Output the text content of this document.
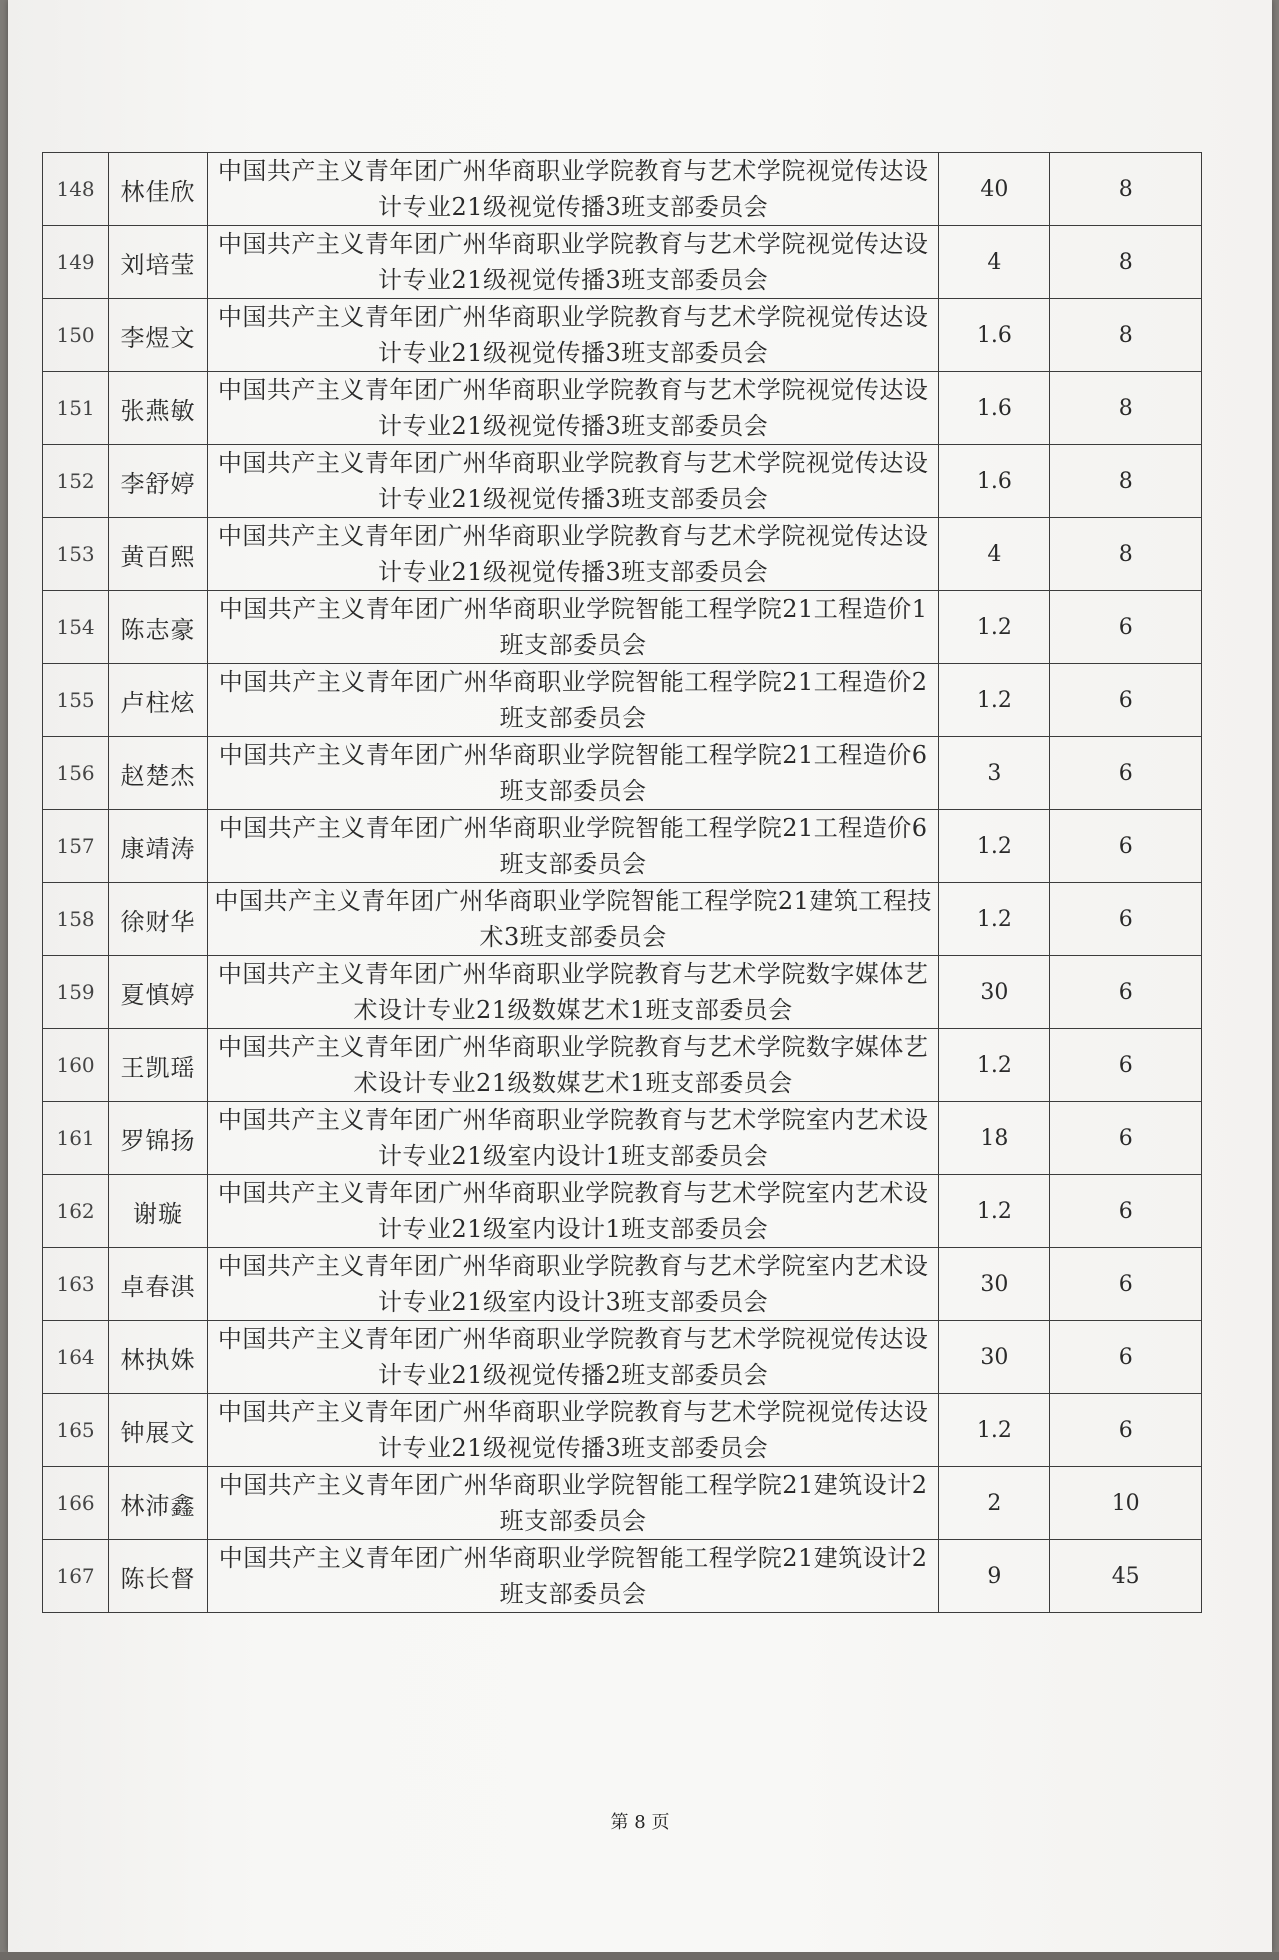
148	林佳欣	中国共产主义青年团广州华商职业学院教育与艺术学院视觉传达设计专业21级视觉传播3班支部委员会	40	8
149	刘培莹	中国共产主义青年团广州华商职业学院教育与艺术学院视觉传达设计专业21级视觉传播3班支部委员会	4	8
150	李煜文	中国共产主义青年团广州华商职业学院教育与艺术学院视觉传达设计专业21级视觉传播3班支部委员会	1.6	8
151	张燕敏	中国共产主义青年团广州华商职业学院教育与艺术学院视觉传达设计专业21级视觉传播3班支部委员会	1.6	8
152	李舒婷	中国共产主义青年团广州华商职业学院教育与艺术学院视觉传达设计专业21级视觉传播3班支部委员会	1.6	8
153	黄百熙	中国共产主义青年团广州华商职业学院教育与艺术学院视觉传达设计专业21级视觉传播3班支部委员会	4	8
154	陈志豪	中国共产主义青年团广州华商职业学院智能工程学院21工程造价1班支部委员会	1.2	6
155	卢柱炫	中国共产主义青年团广州华商职业学院智能工程学院21工程造价2班支部委员会	1.2	6
156	赵楚杰	中国共产主义青年团广州华商职业学院智能工程学院21工程造价6班支部委员会	3	6
157	康靖涛	中国共产主义青年团广州华商职业学院智能工程学院21工程造价6班支部委员会	1.2	6
158	徐财华	中国共产主义青年团广州华商职业学院智能工程学院21建筑工程技术3班支部委员会	1.2	6
159	夏慎婷	中国共产主义青年团广州华商职业学院教育与艺术学院数字媒体艺术设计专业21级数媒艺术1班支部委员会	30	6
160	王凯瑶	中国共产主义青年团广州华商职业学院教育与艺术学院数字媒体艺术设计专业21级数媒艺术1班支部委员会	1.2	6
161	罗锦扬	中国共产主义青年团广州华商职业学院教育与艺术学院室内艺术设计专业21级室内设计1班支部委员会	18	6
162	谢璇	中国共产主义青年团广州华商职业学院教育与艺术学院室内艺术设计专业21级室内设计1班支部委员会	1.2	6
163	卓春淇	中国共产主义青年团广州华商职业学院教育与艺术学院室内艺术设计专业21级室内设计3班支部委员会	30	6
164	林执姝	中国共产主义青年团广州华商职业学院教育与艺术学院视觉传达设计专业21级视觉传播2班支部委员会	30	6
165	钟展文	中国共产主义青年团广州华商职业学院教育与艺术学院视觉传达设计专业21级视觉传播3班支部委员会	1.2	6
166	林沛鑫	中国共产主义青年团广州华商职业学院智能工程学院21建筑设计2班支部委员会	2	10
167	陈长督	中国共产主义青年团广州华商职业学院智能工程学院21建筑设计2班支部委员会	9	45
第 8 页
